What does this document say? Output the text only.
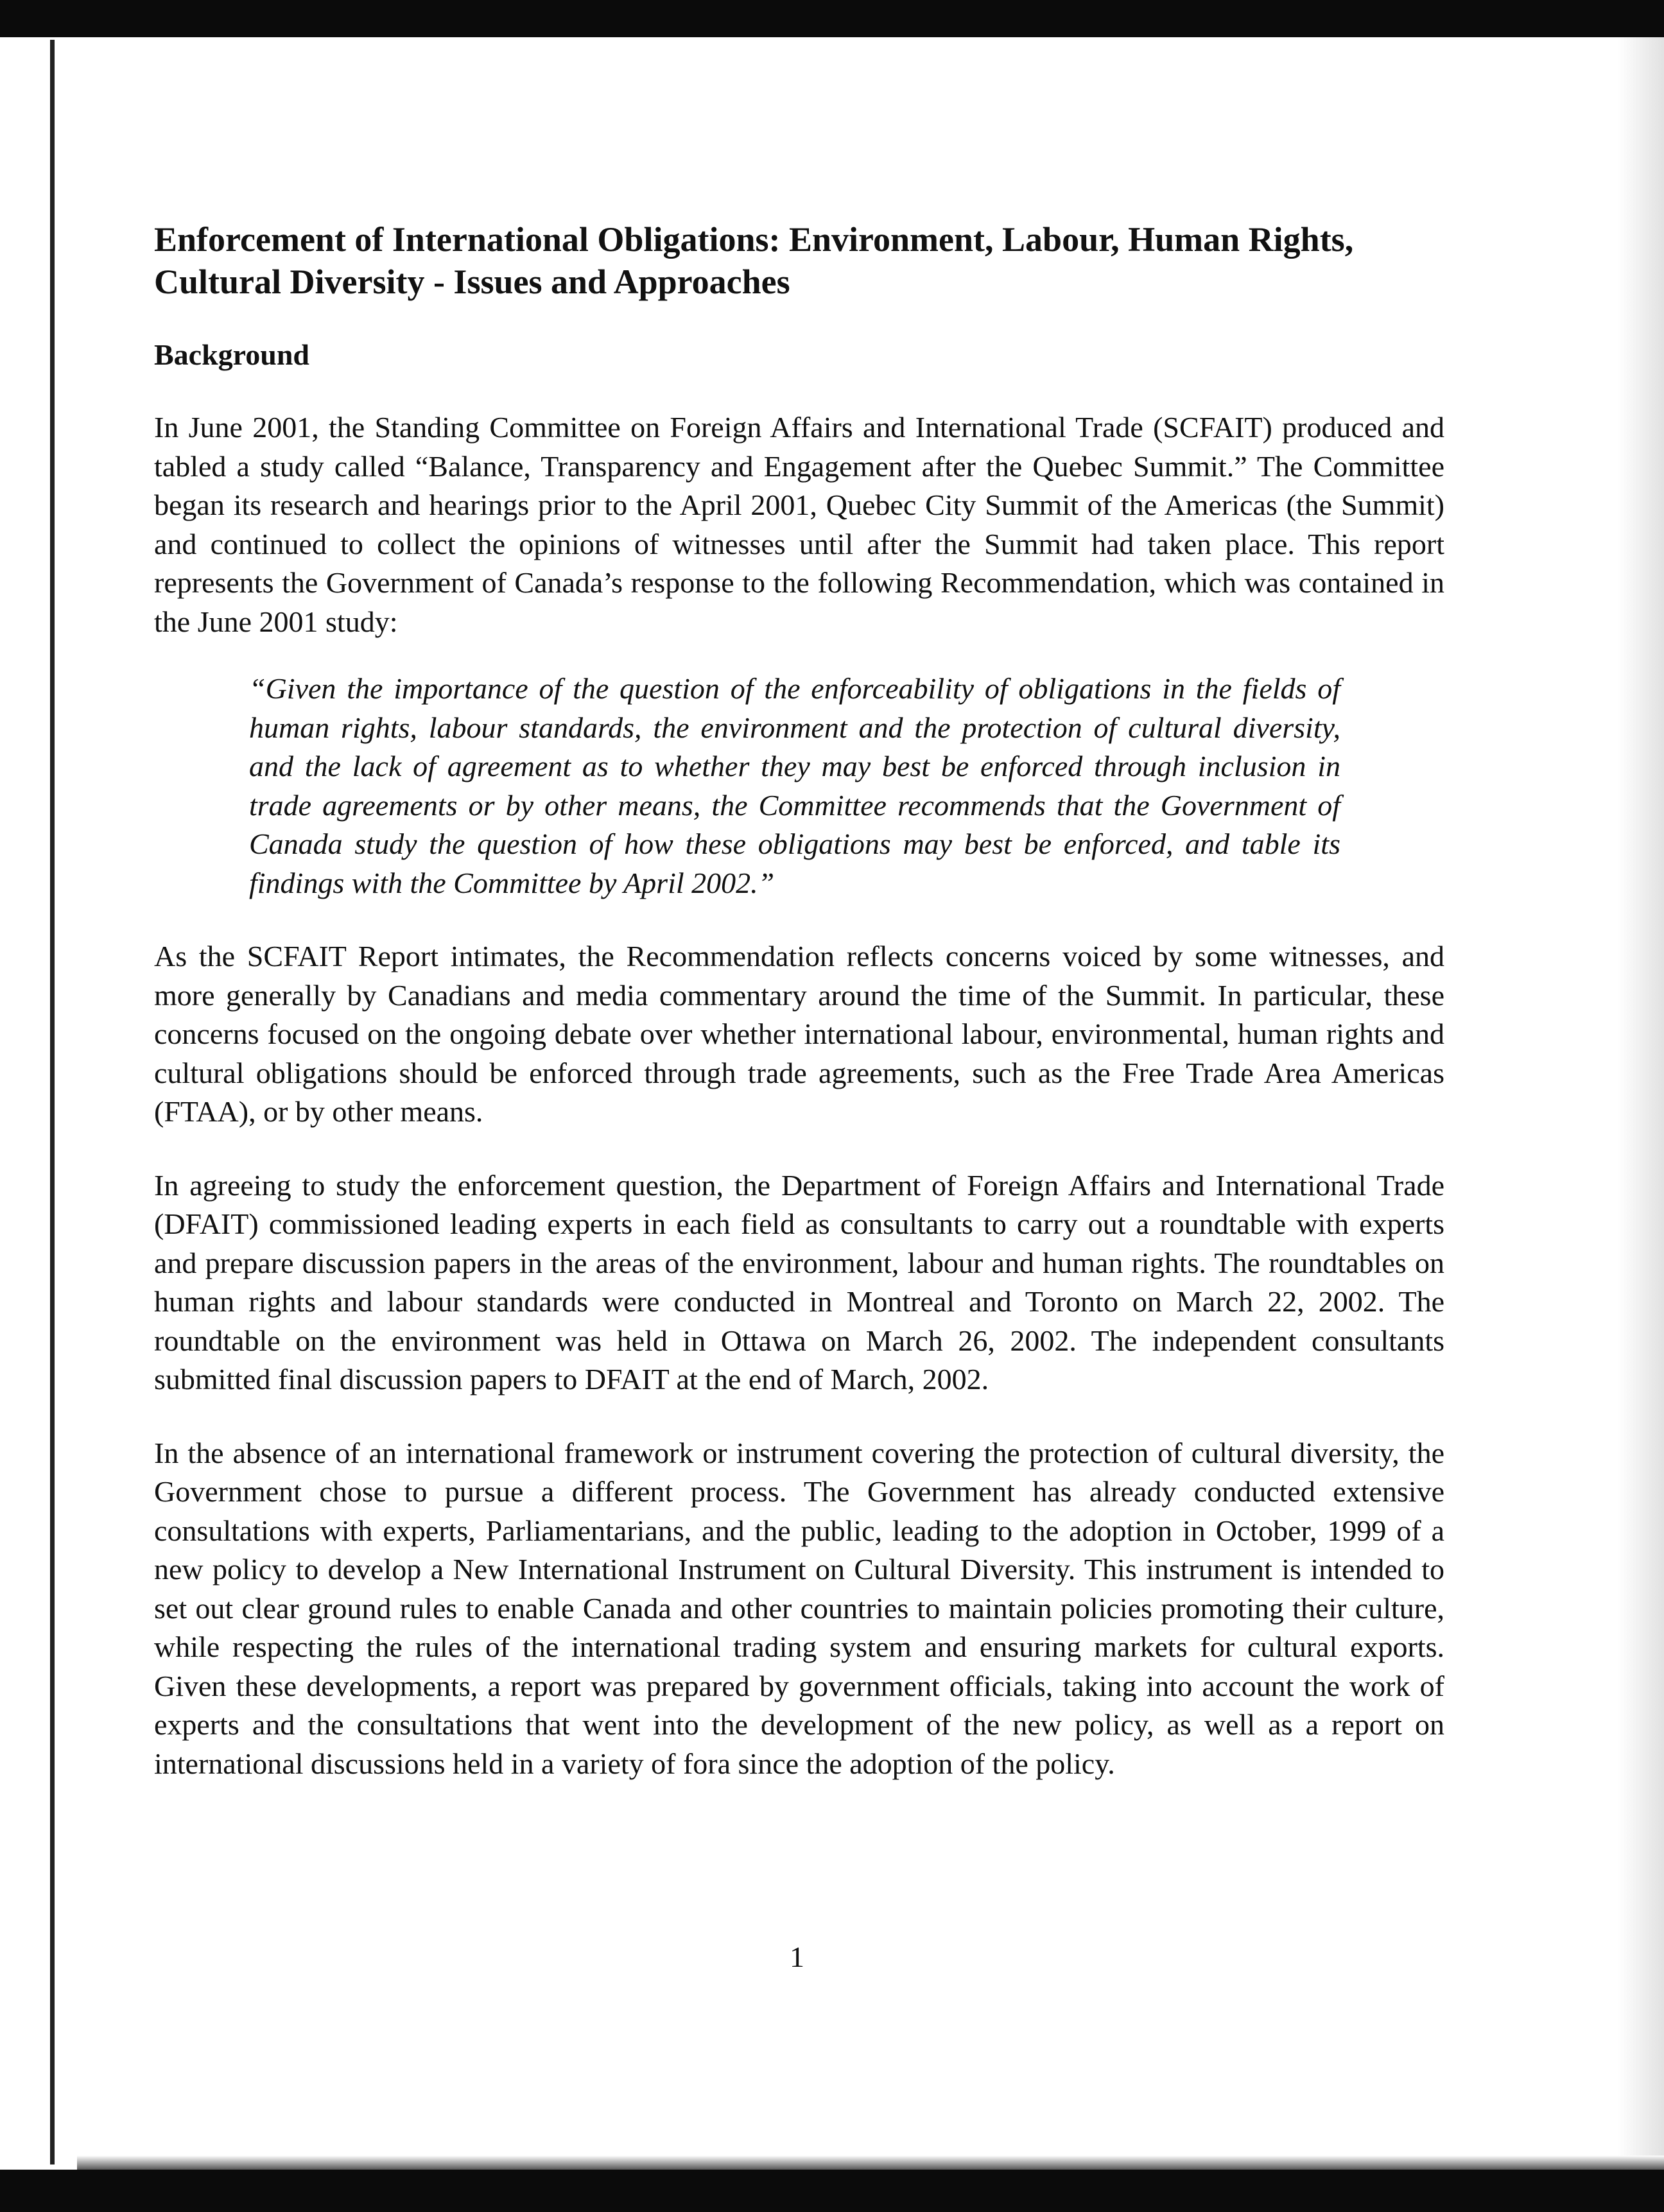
Enforcement of International Obligations: Environment, Labour, Human Rights, Cultural Diversity - Issues and Approaches
Background

In June 2001, the Standing Committee on Foreign Affairs and International Trade (SCFAIT) produced and tabled a study called “Balance, Transparency and Engagement after the Quebec Summit.” The Committee began its research and hearings prior to the April 2001, Quebec City Summit of the Americas (the Summit) and continued to collect the opinions of witnesses until after the Summit had taken place. This report represents the Government of Canada’s response to the following Recommendation, which was contained in the June 2001 study:

“Given the importance of the question of the enforceability of obligations in the fields of human rights, labour standards, the environment and the protection of cultural diversity, and the lack of agreement as to whether they may best be enforced through inclusion in trade agreements or by other means, the Committee recommends that the Government of Canada study the question of how these obligations may best be enforced, and table its findings with the Committee by April 2002.”

As the SCFAIT Report intimates, the Recommendation reflects concerns voiced by some witnesses, and more generally by Canadians and media commentary around the time of the Summit. In particular, these concerns focused on the ongoing debate over whether international labour, environmental, human rights and cultural obligations should be enforced through trade agreements, such as the Free Trade Area Americas (FTAA), or by other means.

In agreeing to study the enforcement question, the Department of Foreign Affairs and International Trade (DFAIT) commissioned leading experts in each field as consultants to carry out a roundtable with experts and prepare discussion papers in the areas of the environment, labour and human rights. The roundtables on human rights and labour standards were conducted in Montreal and Toronto on March 22, 2002. The roundtable on the environment was held in Ottawa on March 26, 2002. The independent consultants submitted final discussion papers to DFAIT at the end of March, 2002.

In the absence of an international framework or instrument covering the protection of cultural diversity, the Government chose to pursue a different process. The Government has already conducted extensive consultations with experts, Parliamentarians, and the public, leading to the adoption in October, 1999 of a new policy to develop a New International Instrument on Cultural Diversity. This instrument is intended to set out clear ground rules to enable Canada and other countries to maintain policies promoting their culture, while respecting the rules of the international trading system and ensuring markets for cultural exports. Given these developments, a report was prepared by government officials, taking into account the work of experts and the consultations that went into the development of the new policy, as well as a report on international discussions held in a variety of fora since the adoption of the policy.

1
